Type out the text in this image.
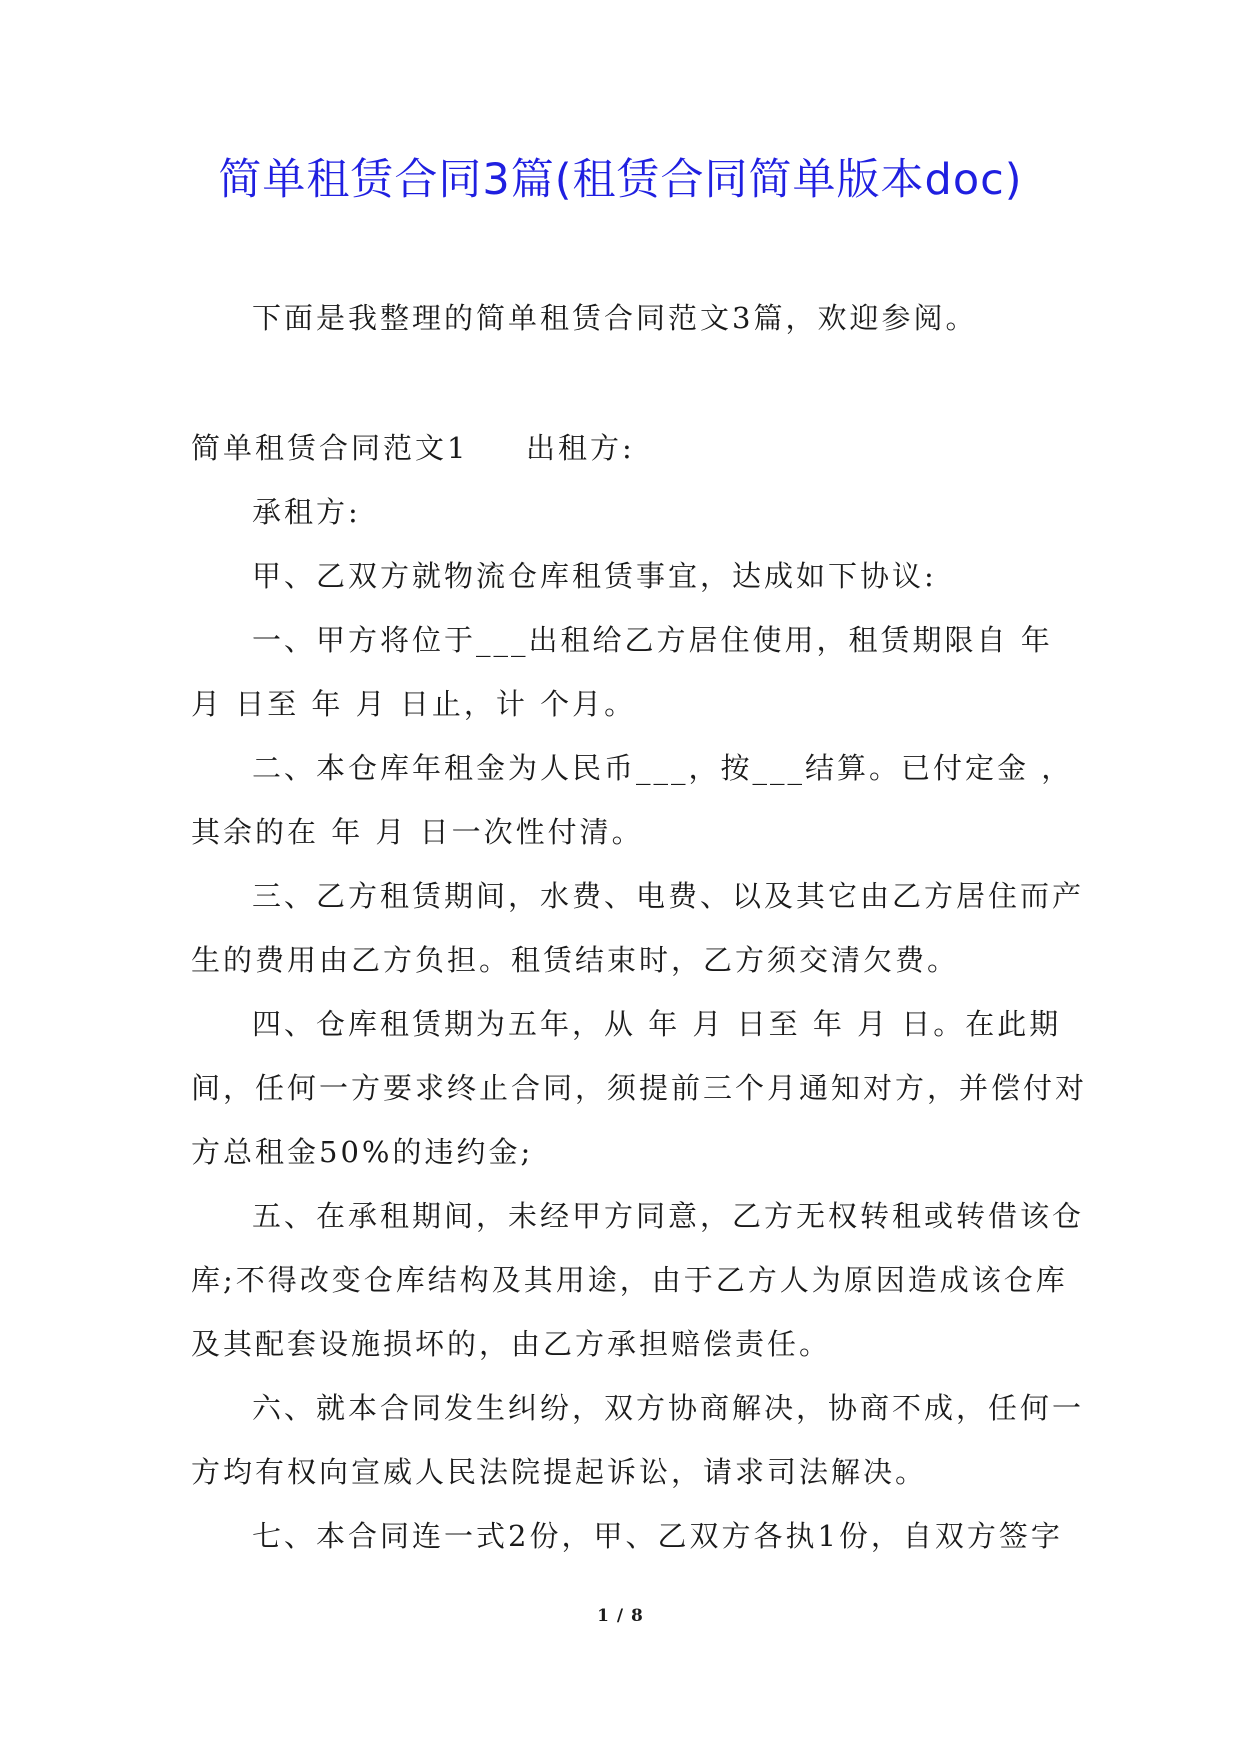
简单租赁合同3篇(租赁合同简单版本doc)
下面是我整理的简单租赁合同范文3篇，欢迎参阅。
简单租赁合同范文1 出租方:
承租方:
甲、乙双方就物流仓库租赁事宜，达成如下协议:
一、甲方将位于___出租给乙方居住使用，租赁期限自 年
月 日至 年 月 日止，计 个月。
二、本仓库年租金为人民币___，按___结算。已付定金 ，
其余的在 年 月 日一次性付清。
三、乙方租赁期间，水费、电费、以及其它由乙方居住而产
生的费用由乙方负担。租赁结束时，乙方须交清欠费。
四、仓库租赁期为五年，从 年 月 日至 年 月 日。在此期
间，任何一方要求终止合同，须提前三个月通知对方，并偿付对
方总租金50%的违约金;
五、在承租期间，未经甲方同意，乙方无权转租或转借该仓
库;不得改变仓库结构及其用途，由于乙方人为原因造成该仓库
及其配套设施损坏的，由乙方承担赔偿责任。
六、就本合同发生纠纷，双方协商解决，协商不成，任何一
方均有权向宣威人民法院提起诉讼，请求司法解决。
七、本合同连一式2份，甲、乙双方各执1份，自双方签字
1 / 8
